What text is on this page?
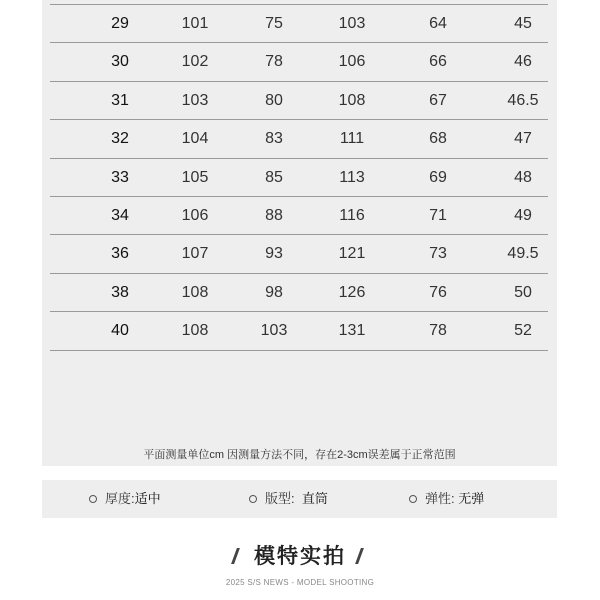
29	101	75	103	64	45
30	102	78	106	66	46
31	103	80	108	67	46.5
32	104	83	111	68	47
33	105	85	113	69	48
34	106	88	116	71	49
36	107	93	121	73	49.5
38	108	98	126	76	50
40	108	103	131	78	52
平面测量单位cm 因测量方法不同，存在2-3cm误差属于正常范围
厚度:适中	版型: 直筒	弹性: 无弹
模特实拍
2025 S/S NEWS - MODEL SHOOTING
